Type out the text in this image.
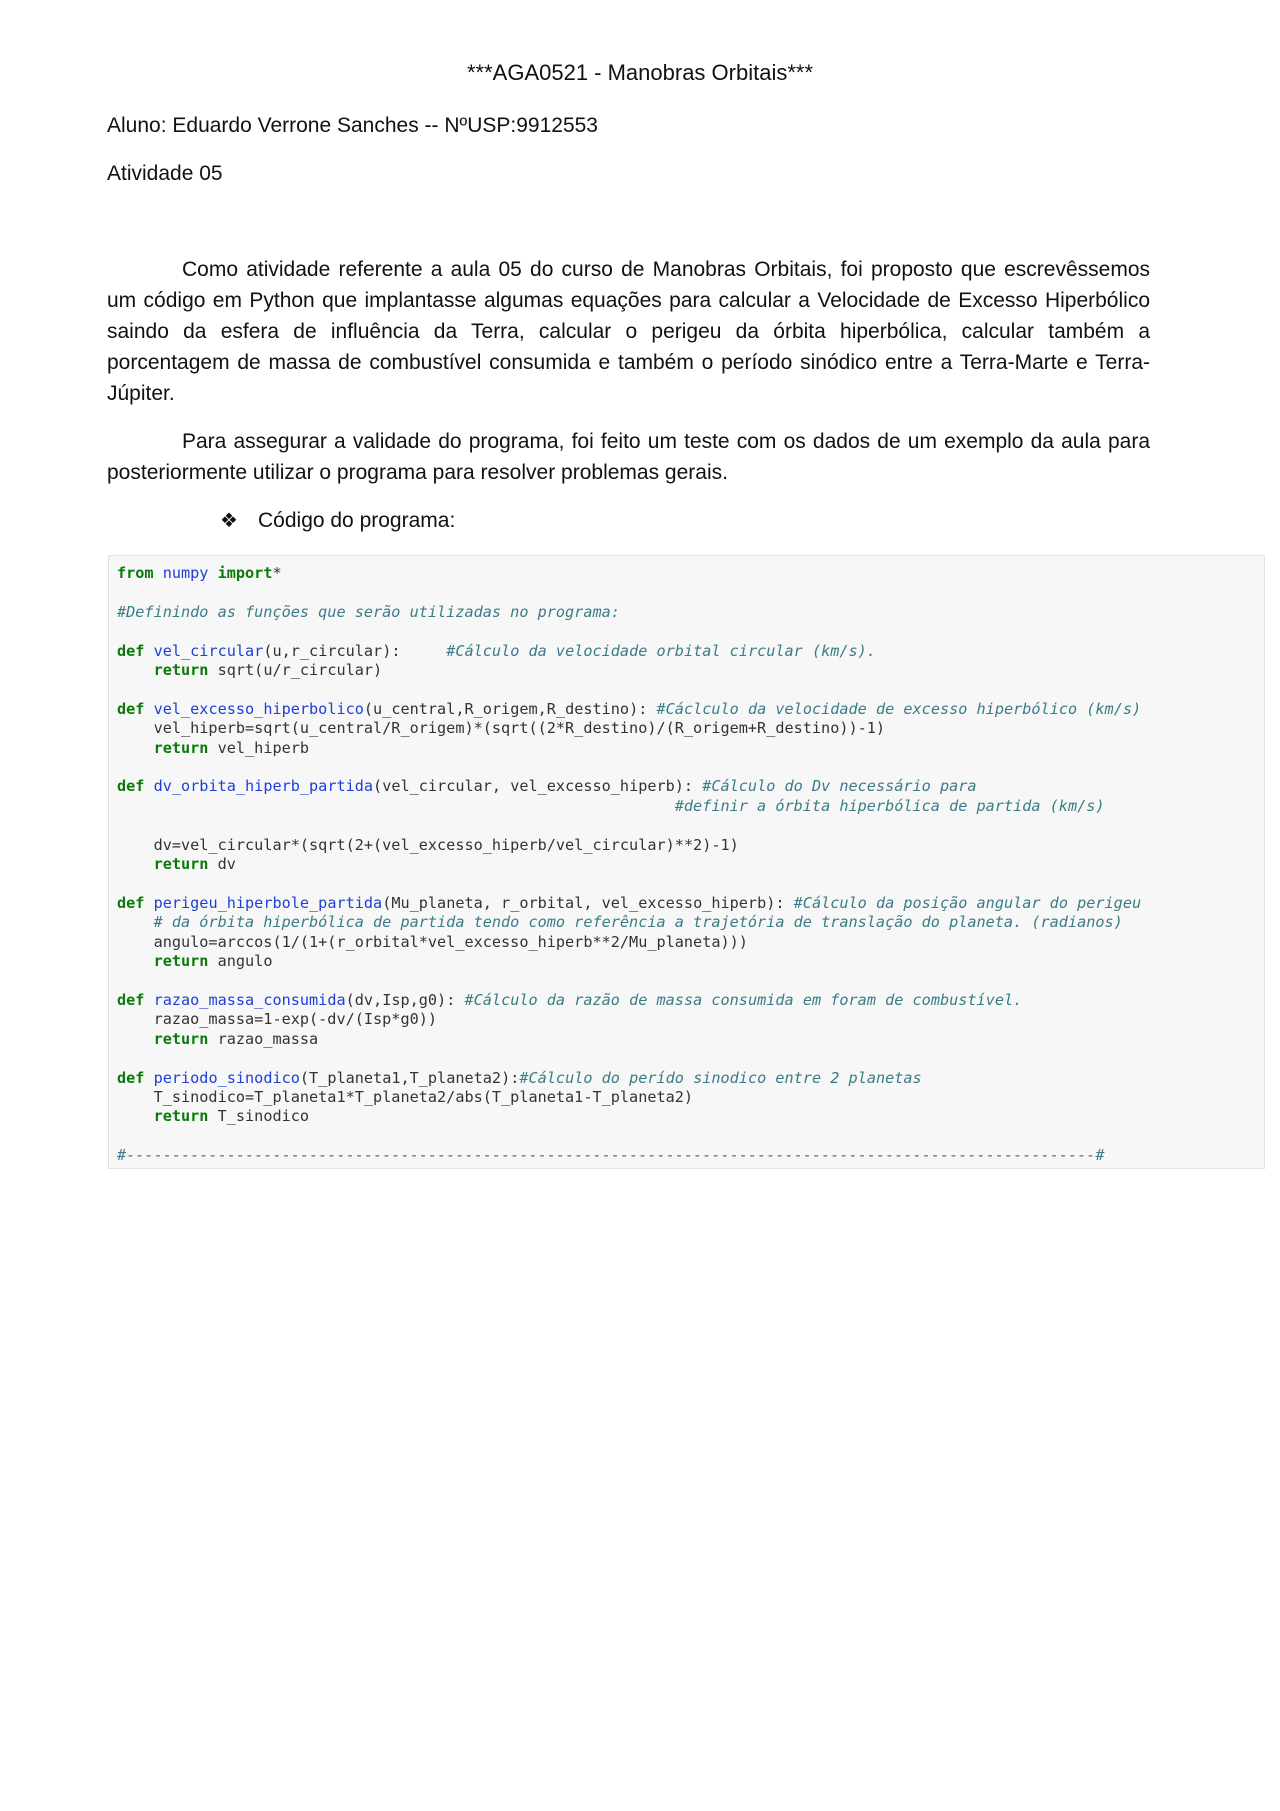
***AGA0521 - Manobras Orbitais***
Aluno: Eduardo Verrone Sanches -- NºUSP:9912553
Atividade 05

Como atividade referente a aula 05 do curso de Manobras Orbitais, foi proposto que escrevêssemos um código em Python que implantasse algumas equações para calcular a Velocidade de Excesso Hiperbólico saindo da esfera de influência da Terra, calcular o perigeu da órbita hiperbólica, calcular também a porcentagem de massa de combustível consumida e também o período sinódico entre a Terra-Marte e Terra-Júpiter.

Para assegurar a validade do programa, foi feito um teste com os dados de um exemplo da aula para posteriormente utilizar o programa para resolver problemas gerais.

❖ Código do programa:
from numpy import*

#Definindo as funções que serão utilizadas no programa:

def vel_circular(u,r_circular):     #Cálculo da velocidade orbital circular (km/s).
return sqrt(u/r_circular)

def vel_excesso_hiperbolico(u_central,R_origem,R_destino): #Cáclculo da velocidade de excesso hiperbólico (km/s)
vel_hiperb=sqrt(u_central/R_origem)*(sqrt((2*R_destino)/(R_origem+R_destino))-1)
return vel_hiperb

def dv_orbita_hiperb_partida(vel_circular, vel_excesso_hiperb): #Cálculo do Dv necessário para
#definir a órbita hiperbólica de partida (km/s)

dv=vel_circular*(sqrt(2+(vel_excesso_hiperb/vel_circular)**2)-1)
return dv

def perigeu_hiperbole_partida(Mu_planeta, r_orbital, vel_excesso_hiperb): #Cálculo da posição angular do perigeu
# da órbita hiperbólica de partida tendo como referência a trajetória de translação do planeta. (radianos)
angulo=arccos(1/(1+(r_orbital*vel_excesso_hiperb**2/Mu_planeta)))
return angulo

def razao_massa_consumida(dv,Isp,g0): #Cálculo da razão de massa consumida em foram de combustível.
razao_massa=1-exp(-dv/(Isp*g0))
return razao_massa

def periodo_sinodico(T_planeta1,T_planeta2):#Cálculo do perído sinodico entre 2 planetas
T_sinodico=T_planeta1*T_planeta2/abs(T_planeta1-T_planeta2)
return T_sinodico

#----------------------------------------------------------------------------------------------------------#
